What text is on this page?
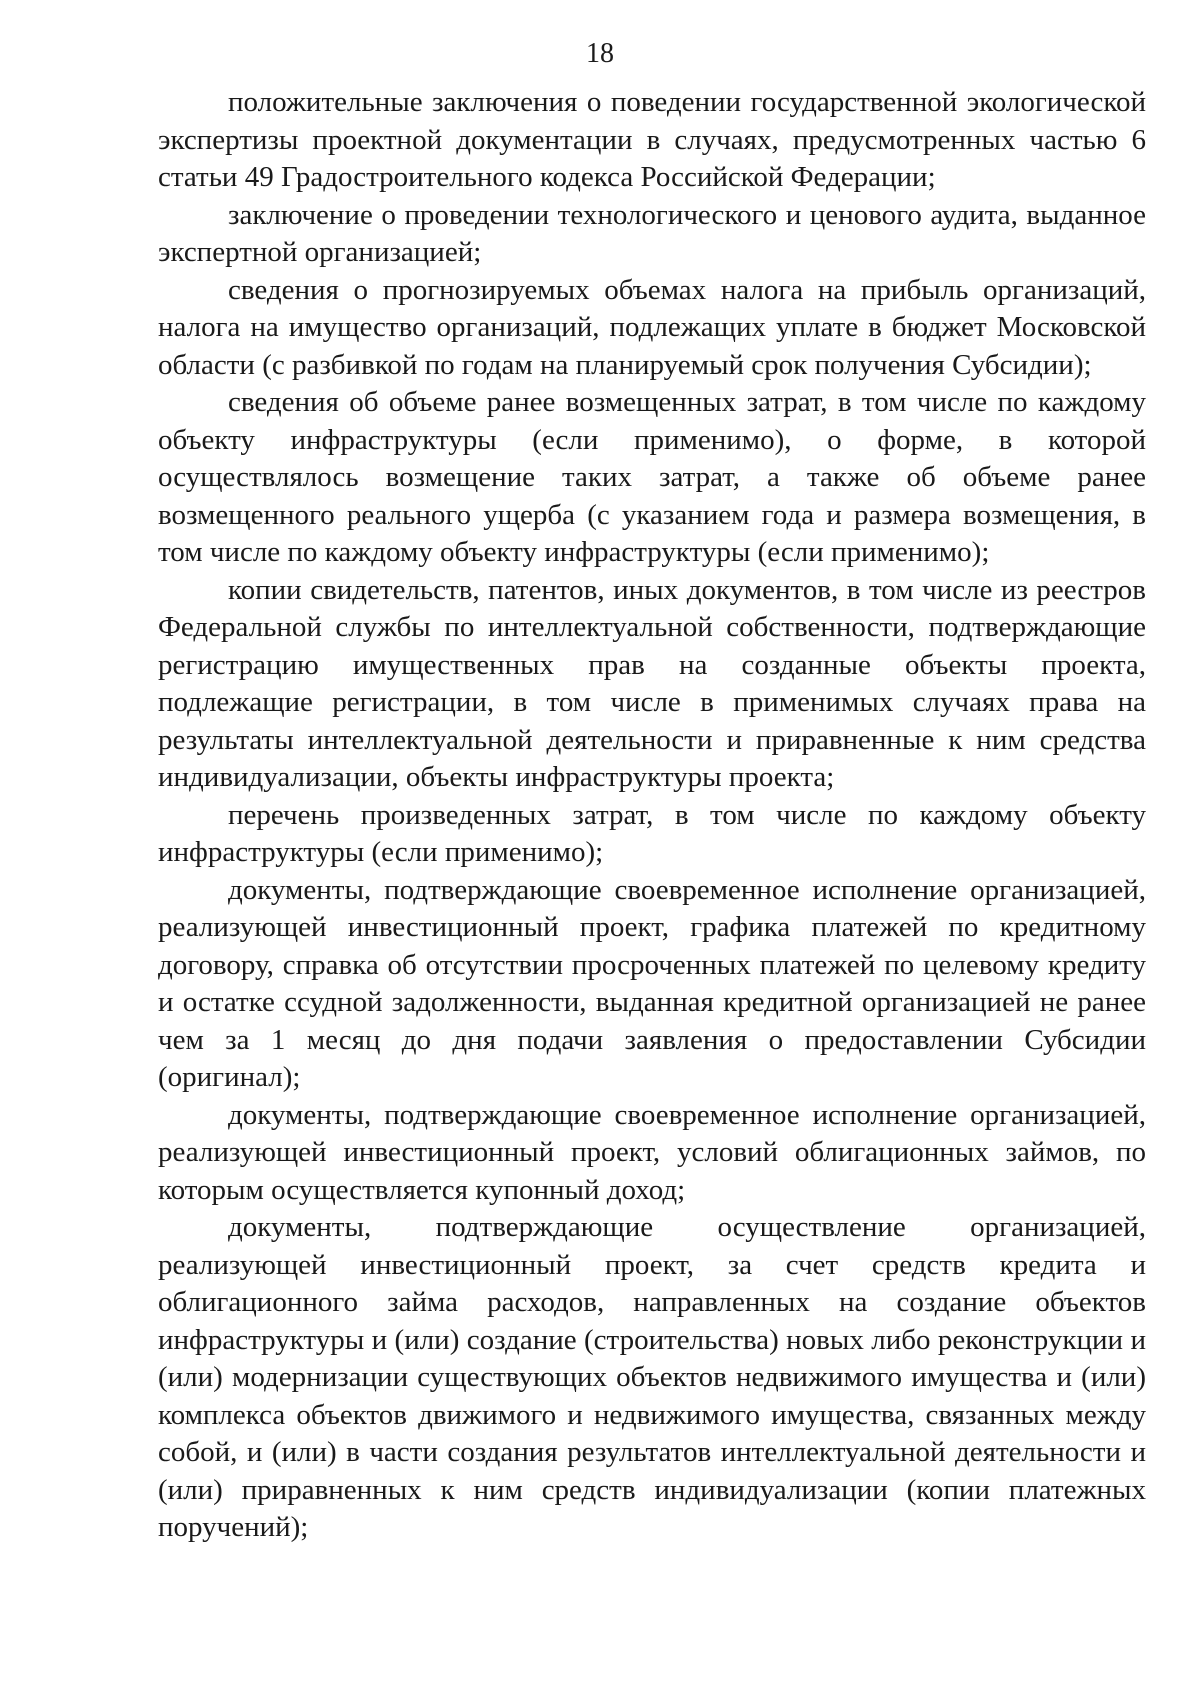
18

положительные заключения о поведении государственной экологической экспертизы проектной документации в случаях, предусмотренных частью 6 статьи 49 Градостроительного кодекса Российской Федерации;

заключение о проведении технологического и ценового аудита, выданное экспертной организацией;

сведения о прогнозируемых объемах налога на прибыль организаций, налога на имущество организаций, подлежащих уплате в бюджет Московской области (с разбивкой по годам на планируемый срок получения Субсидии);

сведения об объеме ранее возмещенных затрат, в том числе по каждому объекту инфраструктуры (если применимо), о форме, в которой осуществлялось возмещение таких затрат, а также об объеме ранее возмещенного реального ущерба (с указанием года и размера возмещения, в том числе по каждому объекту инфраструктуры (если применимо);

копии свидетельств, патентов, иных документов, в том числе из реестров Федеральной службы по интеллектуальной собственности, подтверждающие регистрацию имущественных прав на созданные объекты проекта, подлежащие регистрации, в том числе в применимых случаях права на результаты интеллектуальной деятельности и приравненные к ним средства индивидуализации, объекты инфраструктуры проекта;

перечень произведенных затрат, в том числе по каждому объекту инфраструктуры (если применимо);

документы, подтверждающие своевременное исполнение организацией, реализующей инвестиционный проект, графика платежей по кредитному договору, справка об отсутствии просроченных платежей по целевому кредиту и остатке ссудной задолженности, выданная кредитной организацией не ранее чем за 1 месяц до дня подачи заявления о предоставлении Субсидии (оригинал);

документы, подтверждающие своевременное исполнение организацией, реализующей инвестиционный проект, условий облигационных займов, по которым осуществляется купонный доход;

документы, подтверждающие осуществление организацией, реализующей инвестиционный проект, за счет средств кредита и облигационного займа расходов, направленных на создание объектов инфраструктуры и (или) создание (строительства) новых либо реконструкции и (или) модернизации существующих объектов недвижимого имущества и (или) комплекса объектов движимого и недвижимого имущества, связанных между собой, и (или) в части создания результатов интеллектуальной деятельности и (или) приравненных к ним средств индивидуализации (копии платежных поручений);
